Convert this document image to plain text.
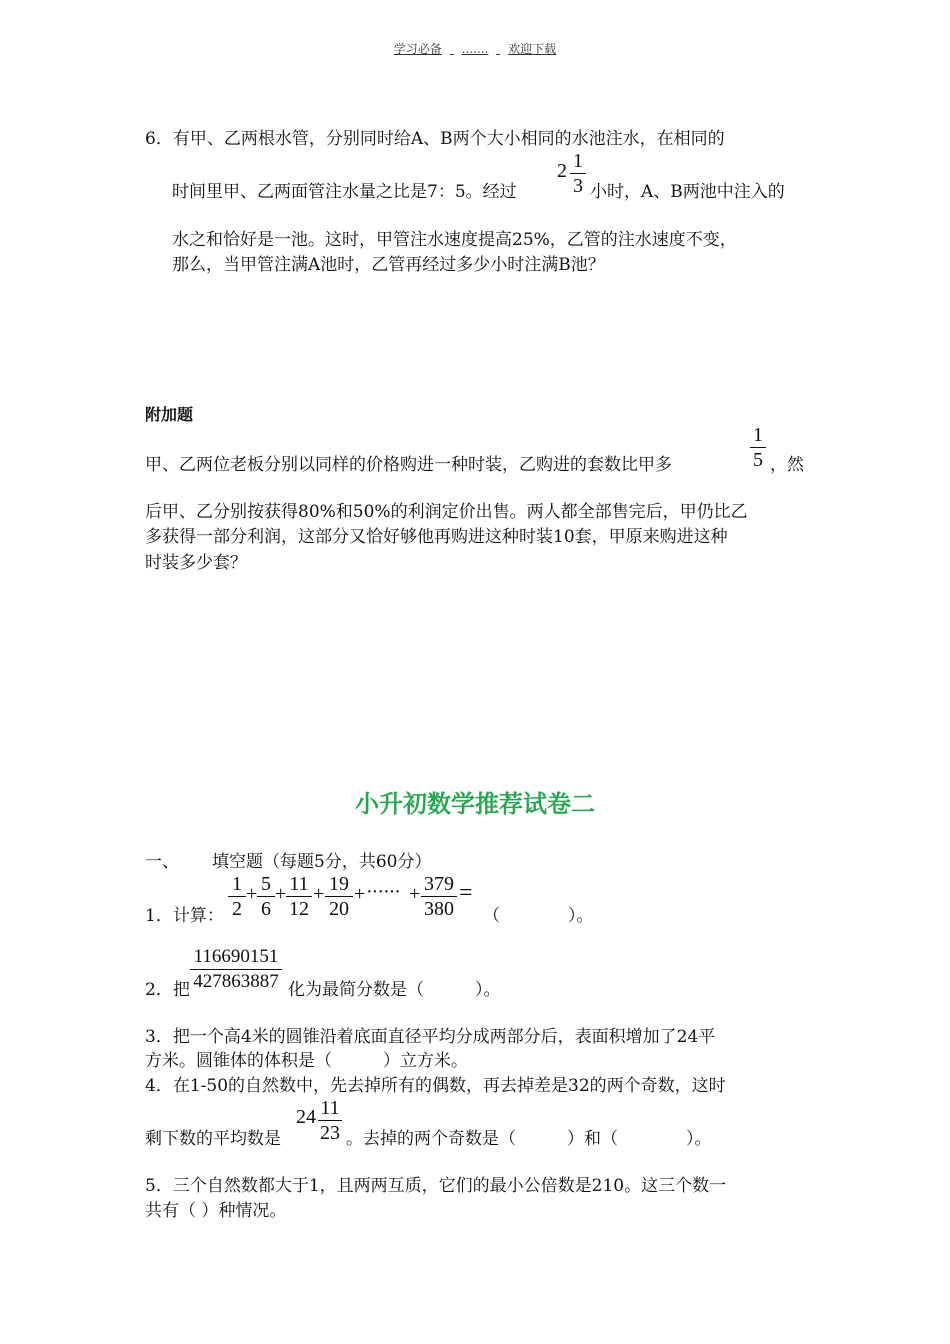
学习必备 ....... 欢迎下载
6．有甲、乙两根水管，分别同时给A、B两个大小相同的水池注水，在相同的
时间里甲、乙两面管注水量之比是7：5。经过
2 1
3 小时，A、B两池中注入的
水之和恰好是一池。这时，甲管注水速度提高25%，乙管的注水速度不变，
那么，当甲管注满A池时，乙管再经过多少小时注满B池？
附加题
甲、乙两位老板分别以同样的价格购进一种时装，乙购进的套数比甲多
1
5 ，然
后甲、乙分别按获得80%和50%的利润定价出售。两人都全部售完后，甲仍比乙
多获得一部分利润，这部分又恰好够他再购进这种时装10套，甲原来购进这种
时装多少套？
小升初数学推荐试卷二
一、 填空题（每题5分，共60分）
1．计算：
1
2
+ 5
6
+ 11
12
+ 19
20
+ ······ + 379
380
=
（　　　　）。
2．把
116690151
427863887 化为最简分数是（　　　）。
3．把一个高4米的圆锥沿着底面直径平均分成两部分后，表面积增加了24平
方米。圆锥体的体积是（　　　）立方米。
4．在1-50的自然数中，先去掉所有的偶数，再去掉差是32的两个奇数，这时
剩下数的平均数是
24 11
23 。去掉的两个奇数是（　　　）和（　　　　）。
5．三个自然数都大于1，且两两互质，它们的最小公倍数是210。这三个数一
共有（ ）种情况。
